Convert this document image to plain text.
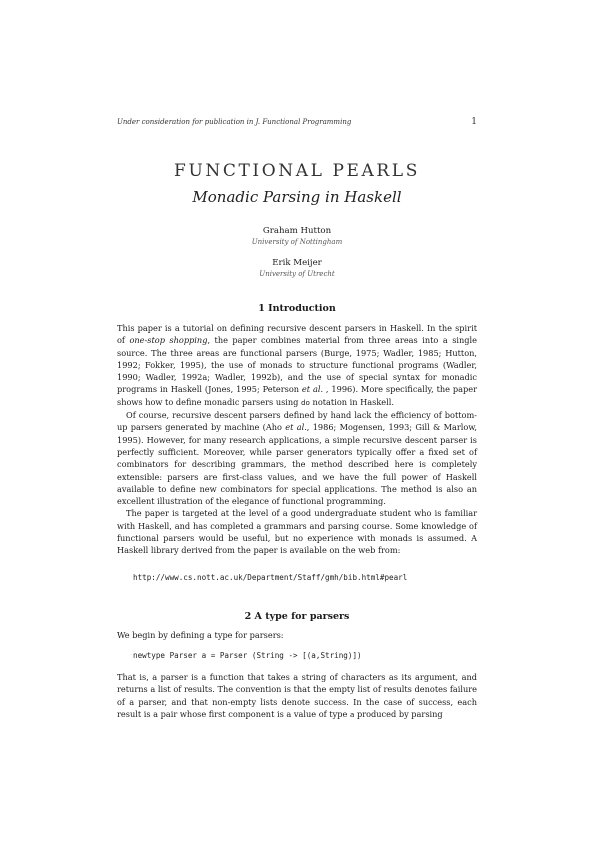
Under consideration for publication in J. Functional Programming	1
FUNCTIONAL PEARLS
Monadic Parsing in Haskell
Graham Hutton
University of Nottingham
Erik Meijer
University of Utrecht
1 Introduction

This paper is a tutorial on defining recursive descent parsers in Haskell. In the spirit of one-stop shopping, the paper combines material from three areas into a single source. The three areas are functional parsers (Burge, 1975; Wadler, 1985; Hutton, 1992; Fokker, 1995), the use of monads to structure functional programs (Wadler, 1990; Wadler, 1992a; Wadler, 1992b), and the use of special syntax for monadic programs in Haskell (Jones, 1995; Peterson et al. , 1996). More specifically, the paper shows how to define monadic parsers using do notation in Haskell.

Of course, recursive descent parsers defined by hand lack the efficiency of bottom-up parsers generated by machine (Aho et al., 1986; Mogensen, 1993; Gill & Marlow, 1995). However, for many research applications, a simple recursive descent parser is perfectly sufficient. Moreover, while parser generators typically offer a fixed set of combinators for describing grammars, the method described here is completely extensible: parsers are first-class values, and we have the full power of Haskell available to define new combinators for special applications. The method is also an excellent illustration of the elegance of functional programming.

The paper is targeted at the level of a good undergraduate student who is familiar with Haskell, and has completed a grammars and parsing course. Some knowledge of functional parsers would be useful, but no experience with monads is assumed. A Haskell library derived from the paper is available on the web from:

http://www.cs.nott.ac.uk/Department/Staff/gmh/bib.html#pearl
2 A type for parsers

We begin by defining a type for parsers:

newtype Parser a = Parser (String -> [(a,String)])

That is, a parser is a function that takes a string of characters as its argument, and returns a list of results. The convention is that the empty list of results denotes failure of a parser, and that non-empty lists denote success. In the case of success, each result is a pair whose first component is a value of type a produced by parsing
